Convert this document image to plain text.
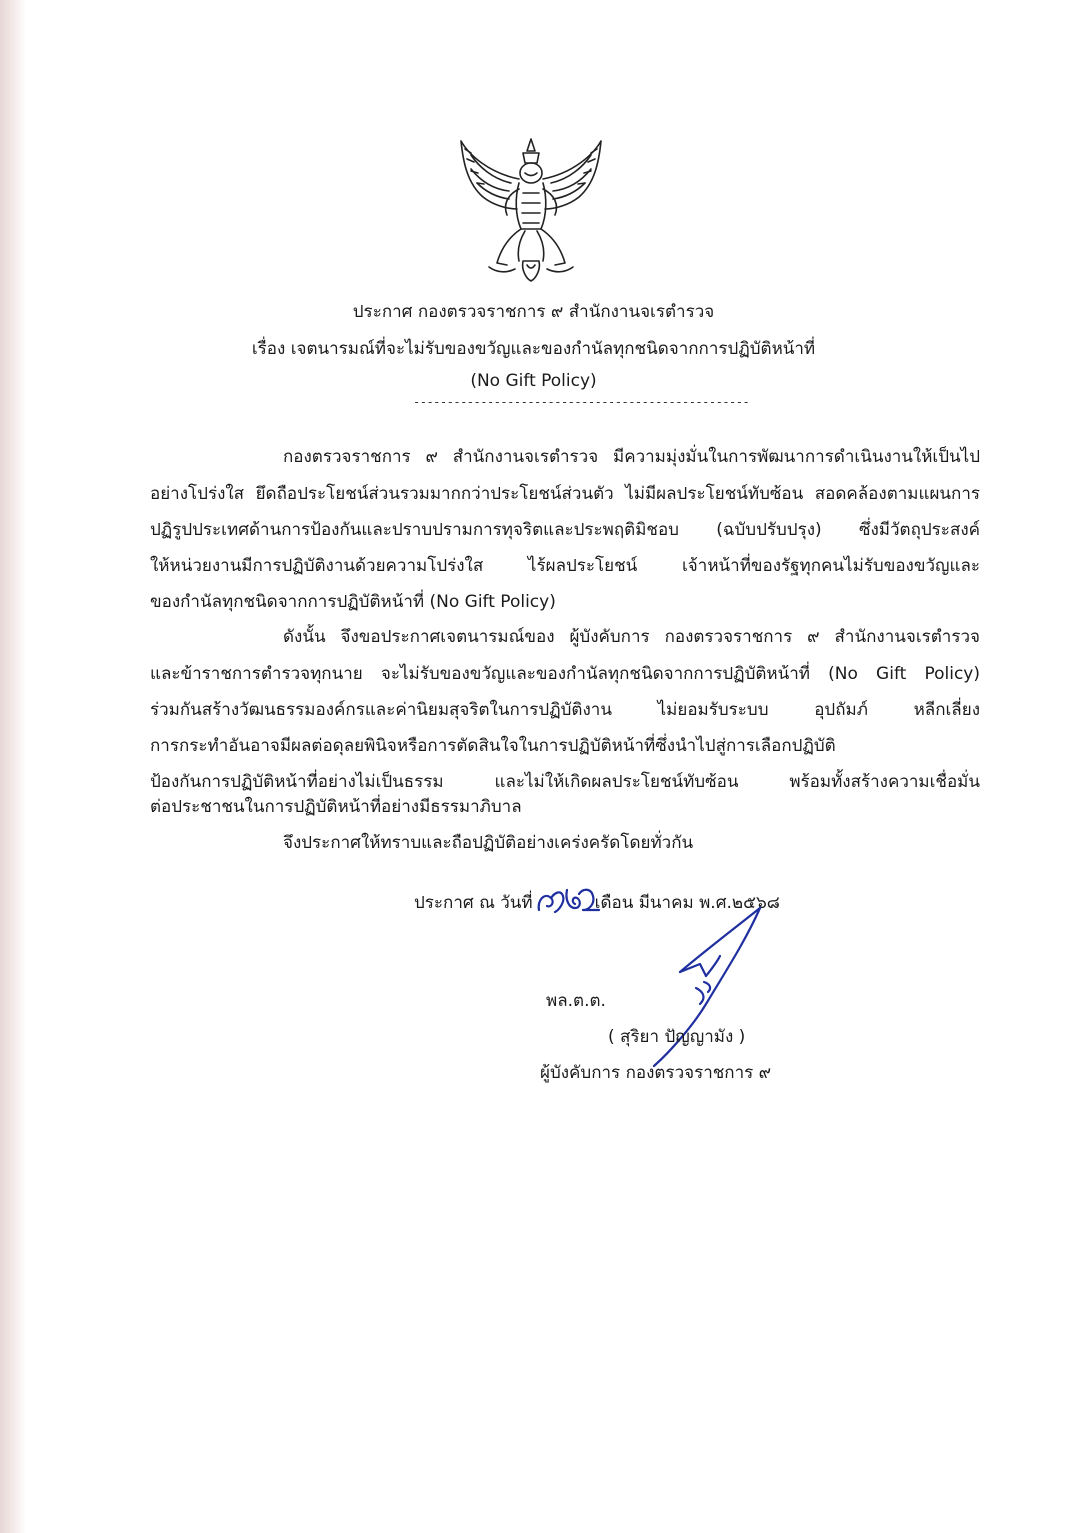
ประกาศ กองตรวจราชการ ๙ สำนักงานจเรตำรวจ
เรื่อง เจตนารมณ์ที่จะไม่รับของขวัญและของกำนัลทุกชนิดจากการปฏิบัติหน้าที่
(No Gift Policy)
--------------------------------------------------
กองตรวจราชการ ๙ สำนักงานจเรตำรวจ มีความมุ่งมั่นในการพัฒนาการดำเนินงานให้เป็นไป
อย่างโปร่งใส ยึดถือประโยชน์ส่วนรวมมากกว่าประโยชน์ส่วนตัว ไม่มีผลประโยชน์ทับซ้อน สอดคล้องตามแผนการ
ปฏิรูปประเทศด้านการป้องกันและปราบปรามการทุจริตและประพฤติมิชอบ (ฉบับปรับปรุง) ซึ่งมีวัตถุประสงค์
ให้หน่วยงานมีการปฏิบัติงานด้วยความโปร่งใส ไร้ผลประโยชน์ เจ้าหน้าที่ของรัฐทุกคนไม่รับของขวัญและ
ของกำนัลทุกชนิดจากการปฏิบัติหน้าที่ (No Gift Policy)
ดังนั้น จึงขอประกาศเจตนารมณ์ของ ผู้บังคับการ กองตรวจราชการ ๙ สำนักงานจเรตำรวจ
และข้าราชการตำรวจทุกนาย จะไม่รับของขวัญและของกำนัลทุกชนิดจากการปฏิบัติหน้าที่ (No Gift Policy)
ร่วมกันสร้างวัฒนธรรมองค์กรและค่านิยมสุจริตในการปฏิบัติงาน ไม่ยอมรับระบบ อุปถัมภ์ หลีกเลี่ยง
การกระทำอันอาจมีผลต่อดุลยพินิจหรือการตัดสินใจในการปฏิบัติหน้าที่ซึ่งนำไปสู่การเลือกปฏิบัติ
ป้องกันการปฏิบัติหน้าที่อย่างไม่เป็นธรรม และไม่ให้เกิดผลประโยชน์ทับซ้อน พร้อมทั้งสร้างความเชื่อมั่น
ต่อประชาชนในการปฏิบัติหน้าที่อย่างมีธรรมาภิบาล
จึงประกาศให้ทราบและถือปฏิบัติอย่างเคร่งครัดโดยทั่วกัน
ประกาศ ณ วันที่	เดือน มีนาคม พ.ศ.๒๕๖๘
พล.ต.ต.
( สุริยา ปัญญามัง )
ผู้บังคับการ กองตรวจราชการ ๙
